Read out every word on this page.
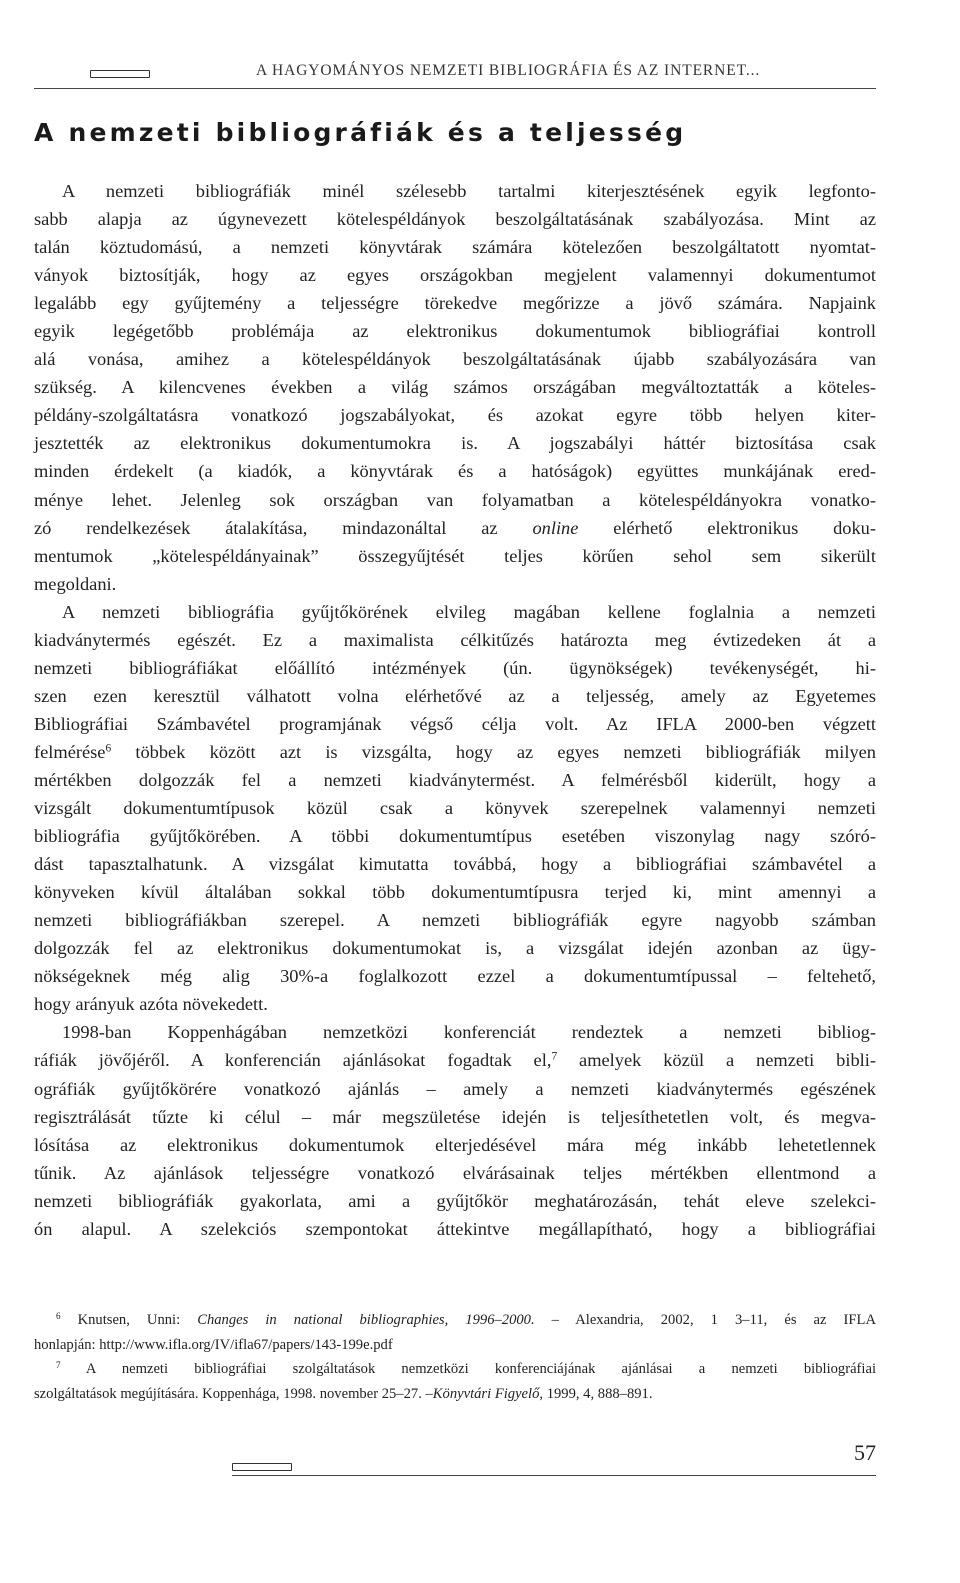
A HAGYOMÁNYOS NEMZETI BIBLIOGRÁFIA ÉS AZ INTERNET...
A nemzeti bibliográfiák és a teljesség

A nemzeti bibliográfiák minél szélesebb tartalmi kiterjesztésének egyik legfonto-
sabb alapja az úgynevezett kötelespéldányok beszolgáltatásának szabályozása. Mint az
talán köztudomású, a nemzeti könyvtárak számára kötelezően beszolgáltatott nyomtat-
ványok biztosítják, hogy az egyes országokban megjelent valamennyi dokumentumot
legalább egy gyűjtemény a teljességre törekedve megőrizze a jövő számára. Napjaink
egyik legégetőbb problémája az elektronikus dokumentumok bibliográfiai kontroll
alá vonása, amihez a kötelespéldányok beszolgáltatásának újabb szabályozására van
szükség. A kilencvenes években a világ számos országában megváltoztatták a köteles-
példány-szolgáltatásra vonatkozó jogszabályokat, és azokat egyre több helyen kiter-
jesztették az elektronikus dokumentumokra is. A jogszabályi háttér biztosítása csak
minden érdekelt (a kiadók, a könyvtárak és a hatóságok) együttes munkájának ered-
ménye lehet. Jelenleg sok országban van folyamatban a kötelespéldányokra vonatko-
zó rendelkezések átalakítása, mindazonáltal az online elérhető elektronikus doku-
mentumok „kötelespéldányainak” összegyűjtését teljes körűen sehol sem sikerült
megoldani.

A nemzeti bibliográfia gyűjtőkörének elvileg magában kellene foglalnia a nemzeti
kiadványtermés egészét. Ez a maximalista célkitűzés határozta meg évtizedeken át a
nemzeti bibliográfiákat előállító intézmények (ún. ügynökségek) tevékenységét, hi-
szen ezen keresztül válhatott volna elérhetővé az a teljesség, amely az Egyetemes
Bibliográfiai Számbavétel programjának végső célja volt. Az IFLA 2000-ben végzett
felmérése$^6$ többek között azt is vizsgálta, hogy az egyes nemzeti bibliográfiák milyen
mértékben dolgozzák fel a nemzeti kiadványtermést. A felmérésből kiderült, hogy a
vizsgált dokumentumtípusok közül csak a könyvek szerepelnek valamennyi nemzeti
bibliográfia gyűjtőkörében. A többi dokumentumtípus esetében viszonylag nagy szóró-
dást tapasztalhatunk. A vizsgálat kimutatta továbbá, hogy a bibliográfiai számbavétel a
könyveken kívül általában sokkal több dokumentumtípusra terjed ki, mint amennyi a
nemzeti bibliográfiákban szerepel. A nemzeti bibliográfiák egyre nagyobb számban
dolgozzák fel az elektronikus dokumentumokat is, a vizsgálat idején azonban az ügy-
nökségeknek még alig 30%-a foglalkozott ezzel a dokumentumtípussal – feltehető,
hogy arányuk azóta növekedett.

1998-ban Koppenhágában nemzetközi konferenciát rendeztek a nemzeti bibliog-
ráfiák jövőjéről. A konferencián ajánlásokat fogadtak el,$^7$ amelyek közül a nemzeti bibli-
ográfiák gyűjtőkörére vonatkozó ajánlás – amely a nemzeti kiadványtermés egészének
regisztrálását tűzte ki célul – már megszületése idején is teljesíthetetlen volt, és megva-
lósítása az elektronikus dokumentumok elterjedésével mára még inkább lehetetlennek
tűnik. Az ajánlások teljességre vonatkozó elvárásainak teljes mértékben ellentmond a
nemzeti bibliográfiák gyakorlata, ami a gyűjtőkör meghatározásán, tehát eleve szelekci-
ón alapul. A szelekciós szempontokat áttekintve megállapítható, hogy a bibliográfiai

$^6$ Knutsen, Unni: Changes in national bibliographies, 1996–2000. – Alexandria, 2002, 1 3–11, és az IFLA
honlapján: http://www.ifla.org/IV/ifla67/papers/143-199e.pdf

$^7$ A nemzeti bibliográfiai szolgáltatások nemzetközi konferenciájának ajánlásai a nemzeti bibliográfiai
szolgáltatások megújítására. Koppenhága, 1998. november 25–27. –Könyvtári Figyelő, 1999, 4, 888–891.

57
